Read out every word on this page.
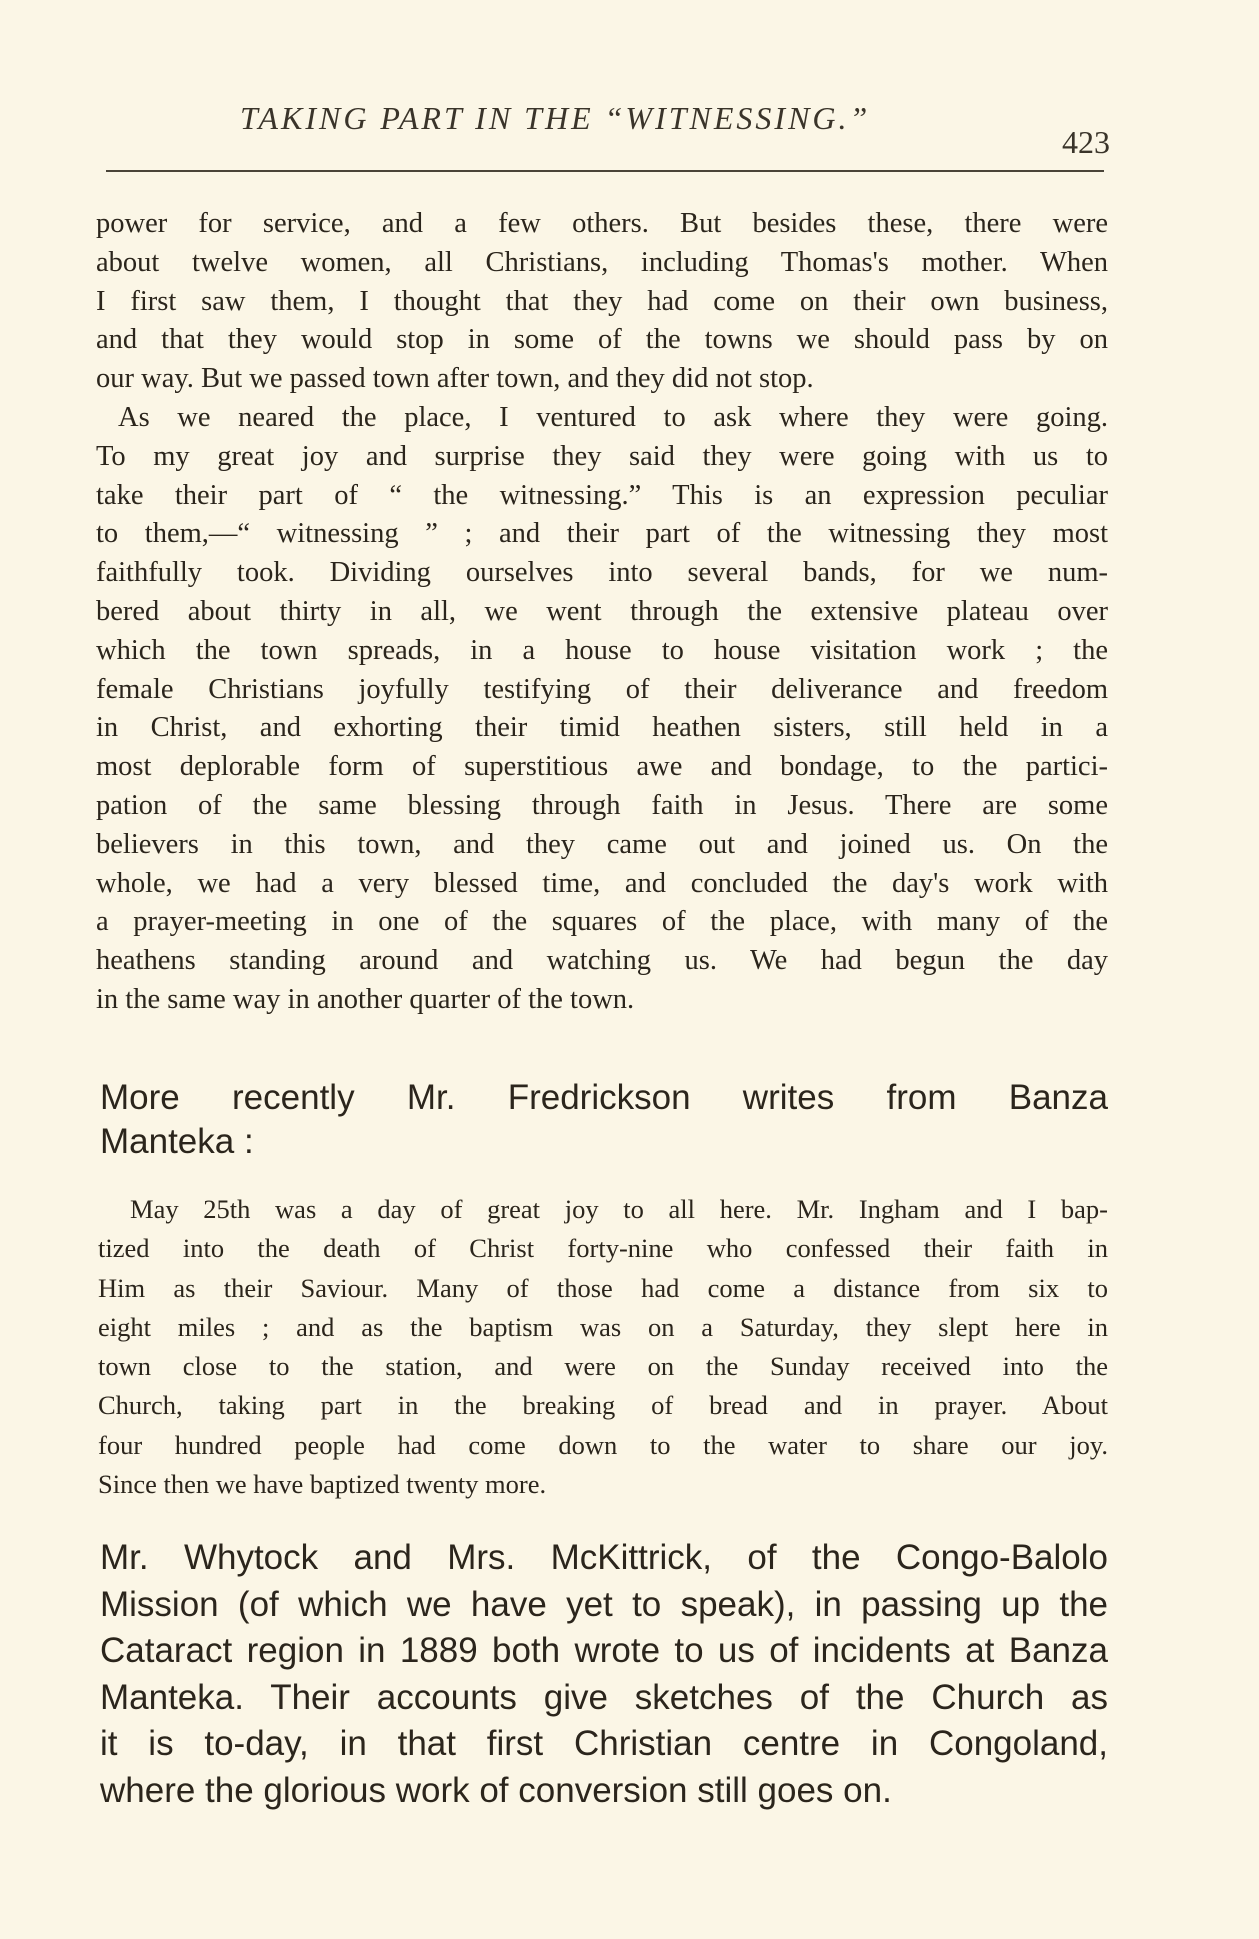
TAKING PART IN THE “WITNESSING.”
423
power for service, and a few others. But besides these, there were
about twelve women, all Christians, including Thomas's mother. When
I first saw them, I thought that they had come on their own business,
and that they would stop in some of the towns we should pass by on
our way. But we passed town after town, and they did not stop.
As we neared the place, I ventured to ask where they were going.
To my great joy and surprise they said they were going with us to
take their part of “ the witnessing.” This is an expression peculiar
to them,—“ witnessing ” ; and their part of the witnessing they most
faithfully took. Dividing ourselves into several bands, for we num-
bered about thirty in all, we went through the extensive plateau over
which the town spreads, in a house to house visitation work ; the
female Christians joyfully testifying of their deliverance and freedom
in Christ, and exhorting their timid heathen sisters, still held in a
most deplorable form of superstitious awe and bondage, to the partici-
pation of the same blessing through faith in Jesus. There are some
believers in this town, and they came out and joined us. On the
whole, we had a very blessed time, and concluded the day's work with
a prayer-meeting in one of the squares of the place, with many of the
heathens standing around and watching us. We had begun the day
in the same way in another quarter of the town.
More recently Mr. Fredrickson writes from Banza
Manteka :
May 25th was a day of great joy to all here. Mr. Ingham and I bap-
tized into the death of Christ forty-nine who confessed their faith in
Him as their Saviour. Many of those had come a distance from six to
eight miles ; and as the baptism was on a Saturday, they slept here in
town close to the station, and were on the Sunday received into the
Church, taking part in the breaking of bread and in prayer. About
four hundred people had come down to the water to share our joy.
Since then we have baptized twenty more.
Mr. Whytock and Mrs. McKittrick, of the Congo-Balolo
Mission (of which we have yet to speak), in passing up the
Cataract region in 1889 both wrote to us of incidents at Banza
Manteka. Their accounts give sketches of the Church as
it is to-day, in that first Christian centre in Congoland,
where the glorious work of conversion still goes on.
